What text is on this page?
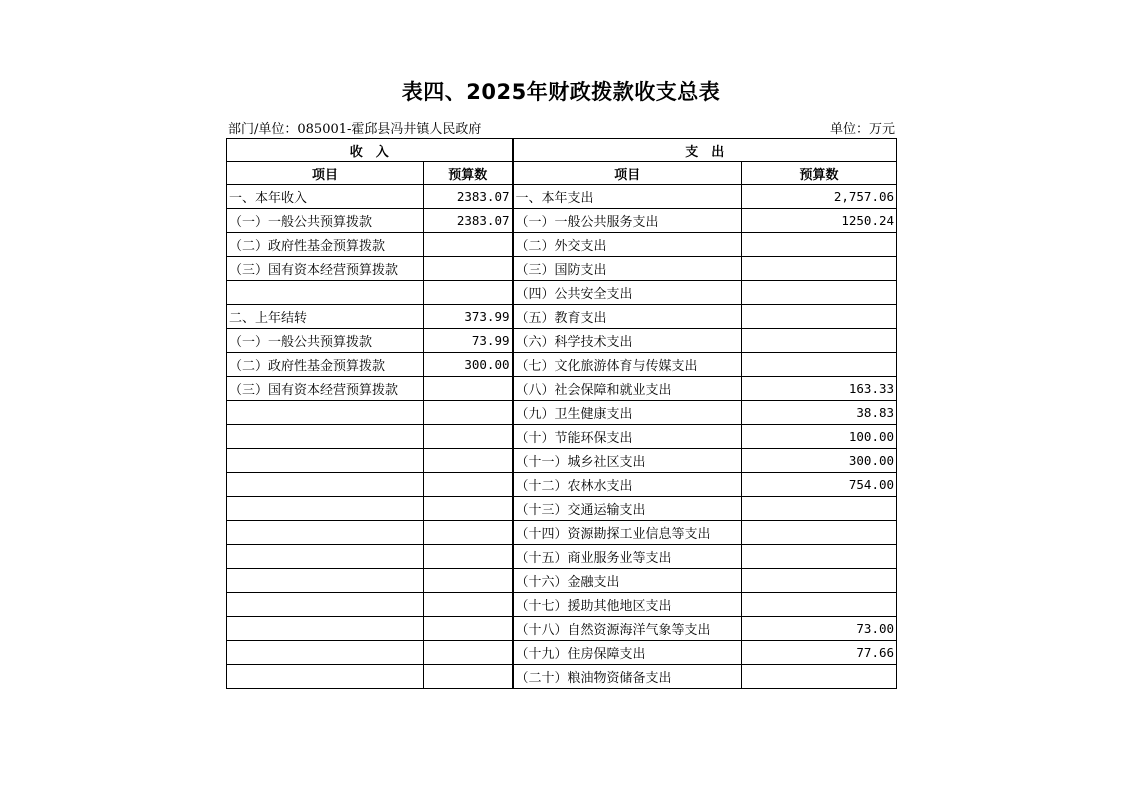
表四、2025年财政拨款收支总表
部门/单位：085001-霍邱县冯井镇人民政府	单位：万元
收　入		支　出	
项目	预算数	项目	预算数
一、本年收入	2383.07	一、本年支出	2,757.06
（一）一般公共预算拨款	2383.07	（一）一般公共服务支出	1250.24
（二）政府性基金预算拨款		（二）外交支出	
（三）国有资本经营预算拨款		（三）国防支出	
		（四）公共安全支出	
二、上年结转	373.99	（五）教育支出	
（一）一般公共预算拨款	73.99	（六）科学技术支出	
（二）政府性基金预算拨款	300.00	（七）文化旅游体育与传媒支出	
（三）国有资本经营预算拨款		（八）社会保障和就业支出	163.33
		（九）卫生健康支出	38.83
		（十）节能环保支出	100.00
		（十一）城乡社区支出	300.00
		（十二）农林水支出	754.00
		（十三）交通运输支出	
		（十四）资源勘探工业信息等支出	
		（十五）商业服务业等支出	
		（十六）金融支出	
		（十七）援助其他地区支出	
		（十八）自然资源海洋气象等支出	73.00
		（十九）住房保障支出	77.66
		（二十）粮油物资储备支出	
